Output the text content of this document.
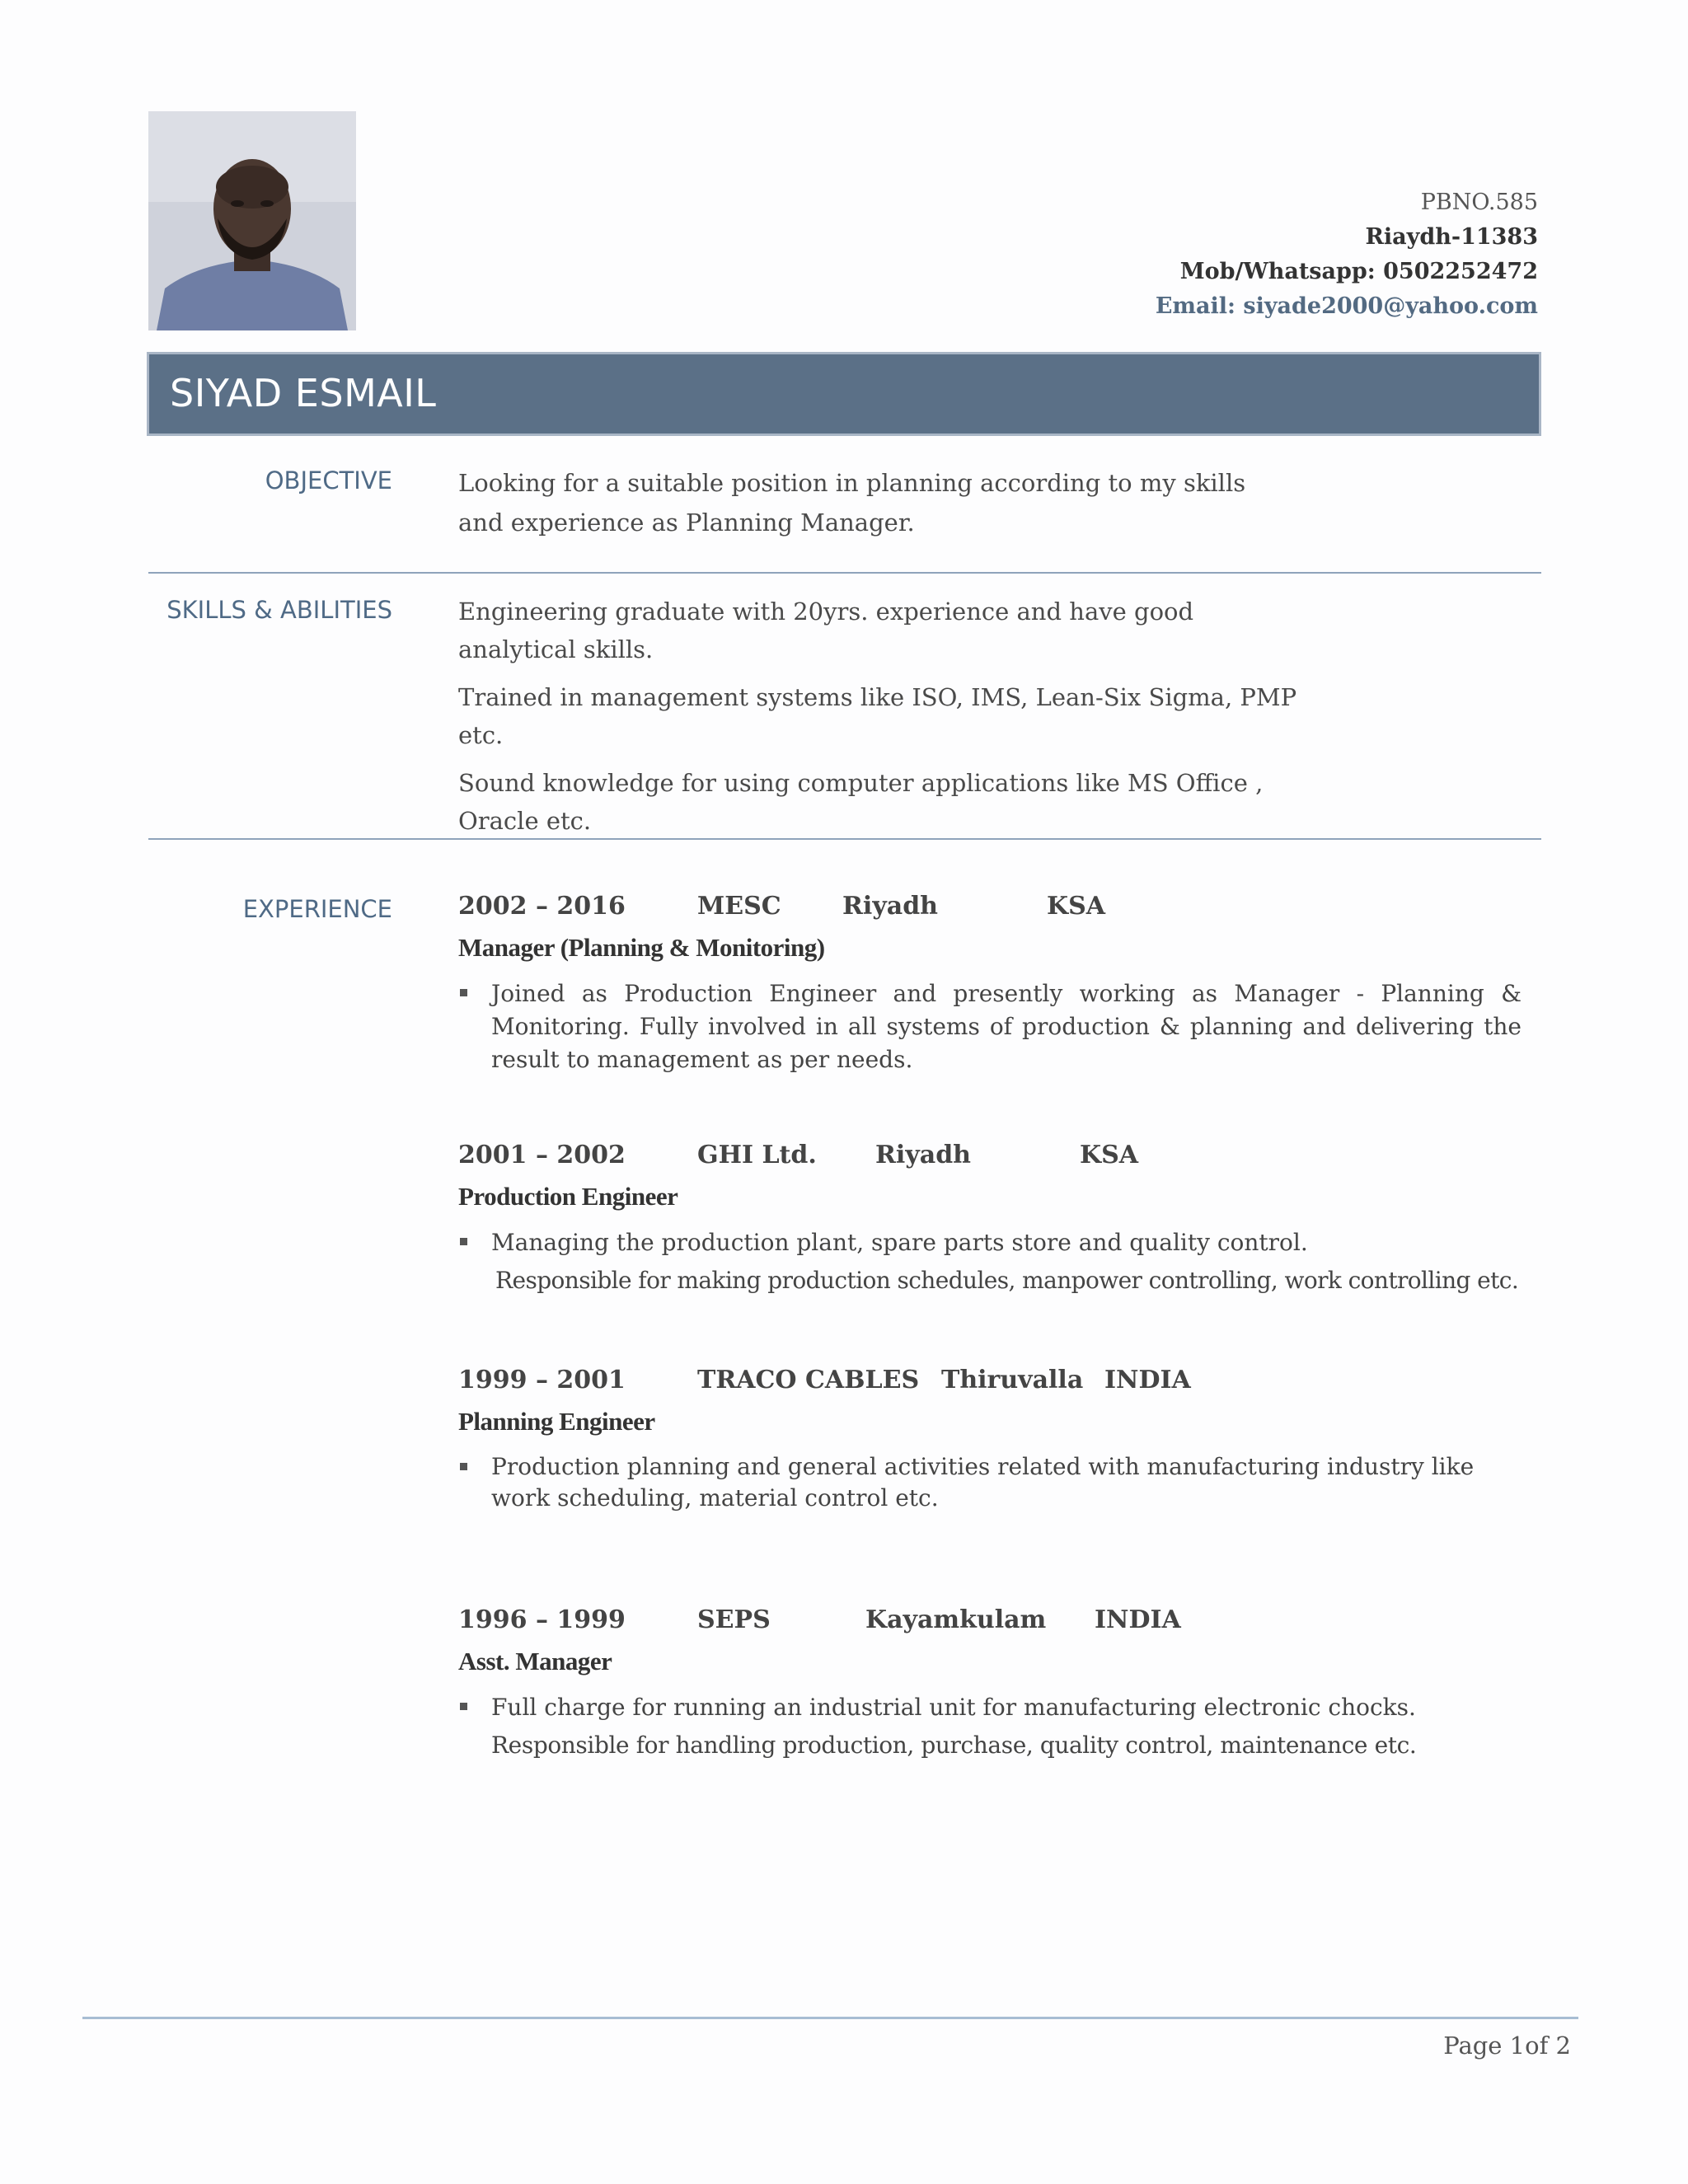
PBNO.585
Riaydh-11383
Mob/Whatsapp: 0502252472
Email: siyade2000@yahoo.com
SIYAD ESMAIL
OBJECTIVE	Looking for a suitable position in planning according to my skills and experience as Planning Manager.
SKILLS & ABILITIES	Engineering graduate with 20yrs. experience and have good analytical skills.

Trained in management systems like ISO, IMS, Lean-Six Sigma, PMP etc.

Sound knowledge for using computer applications like MS Office , Oracle etc.

EXPERIENCE	2002 – 2016	MESC Riyadh	KSA
Manager (Planning & Monitoring)
Joined as Production Engineer and presently working as Manager - Planning & Monitoring. Fully involved in all systems of production & planning and delivering the result to management as per needs.
2001 – 2002	GHI Ltd. Riyadh	KSA
Production Engineer
Managing the production plant, spare parts store and quality control.
Responsible for making production schedules, manpower controlling, work controlling etc.
1999 – 2001	TRACO CABLES Thiruvalla INDIA
Planning Engineer
Production planning and general activities related with manufacturing industry like work scheduling, material control etc.
1996 – 1999	SEPS	Kayamkulam INDIA
Asst. Manager
Full charge for running an industrial unit for manufacturing electronic chocks.
Responsible for handling production, purchase, quality control, maintenance etc.
Page 1of 2
